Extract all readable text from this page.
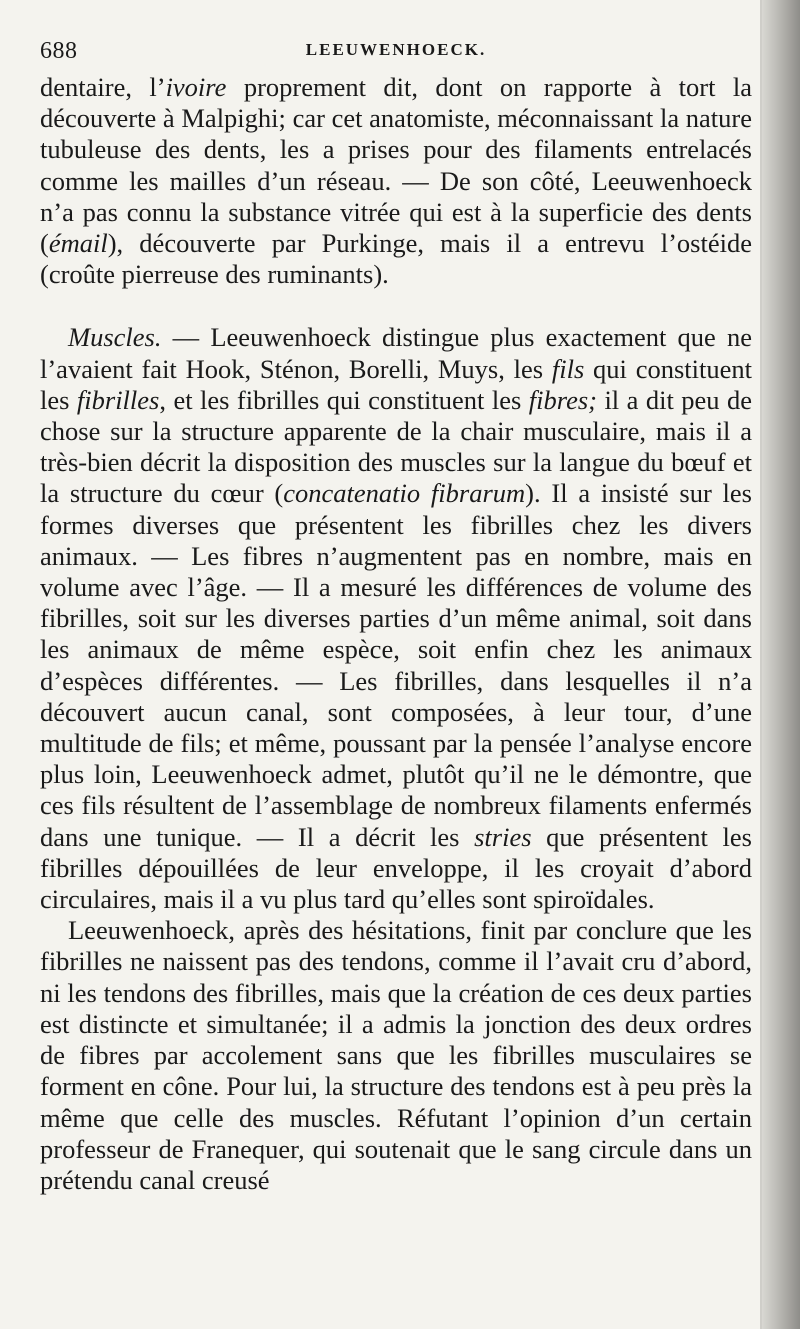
688	LEEUWENHOECK.

dentaire, l’ivoire proprement dit, dont on rapporte à tort la découverte à Malpighi; car cet anatomiste, méconnaissant la nature tubuleuse des dents, les a prises pour des filaments entrelacés comme les mailles d’un réseau. — De son côté, Leeuwenhoeck n’a pas connu la substance vitrée qui est à la superficie des dents (émail), découverte par Purkinge, mais il a entrevu l’ostéide (croûte pierreuse des ruminants).

Muscles. — Leeuwenhoeck distingue plus exactement que ne l’avaient fait Hook, Sténon, Borelli, Muys, les fils qui constituent les fibrilles, et les fibrilles qui constituent les fibres; il a dit peu de chose sur la structure apparente de la chair musculaire, mais il a très-bien décrit la disposition des muscles sur la langue du bœuf et la structure du cœur (concatenatio fibrarum). Il a insisté sur les formes diverses que présentent les fibrilles chez les divers animaux. — Les fibres n’augmentent pas en nombre, mais en volume avec l’âge. — Il a mesuré les différences de volume des fibrilles, soit sur les diverses parties d’un même animal, soit dans les animaux de même espèce, soit enfin chez les animaux d’espèces différentes. — Les fibrilles, dans lesquelles il n’a découvert aucun canal, sont composées, à leur tour, d’une multitude de fils; et même, poussant par la pensée l’analyse encore plus loin, Leeuwenhoeck admet, plutôt qu’il ne le démontre, que ces fils résultent de l’assemblage de nombreux filaments enfermés dans une tunique. — Il a décrit les stries que présentent les fibrilles dépouillées de leur enveloppe, il les croyait d’abord circulaires, mais il a vu plus tard qu’elles sont spiroïdales.

Leeuwenhoeck, après des hésitations, finit par conclure que les fibrilles ne naissent pas des tendons, comme il l’avait cru d’abord, ni les tendons des fibrilles, mais que la création de ces deux parties est distincte et simultanée; il a admis la jonction des deux ordres de fibres par accolement sans que les fibrilles musculaires se forment en cône. Pour lui, la structure des tendons est à peu près la même que celle des muscles. Réfutant l’opinion d’un certain professeur de Franequer, qui soutenait que le sang circule dans un prétendu canal creusé
